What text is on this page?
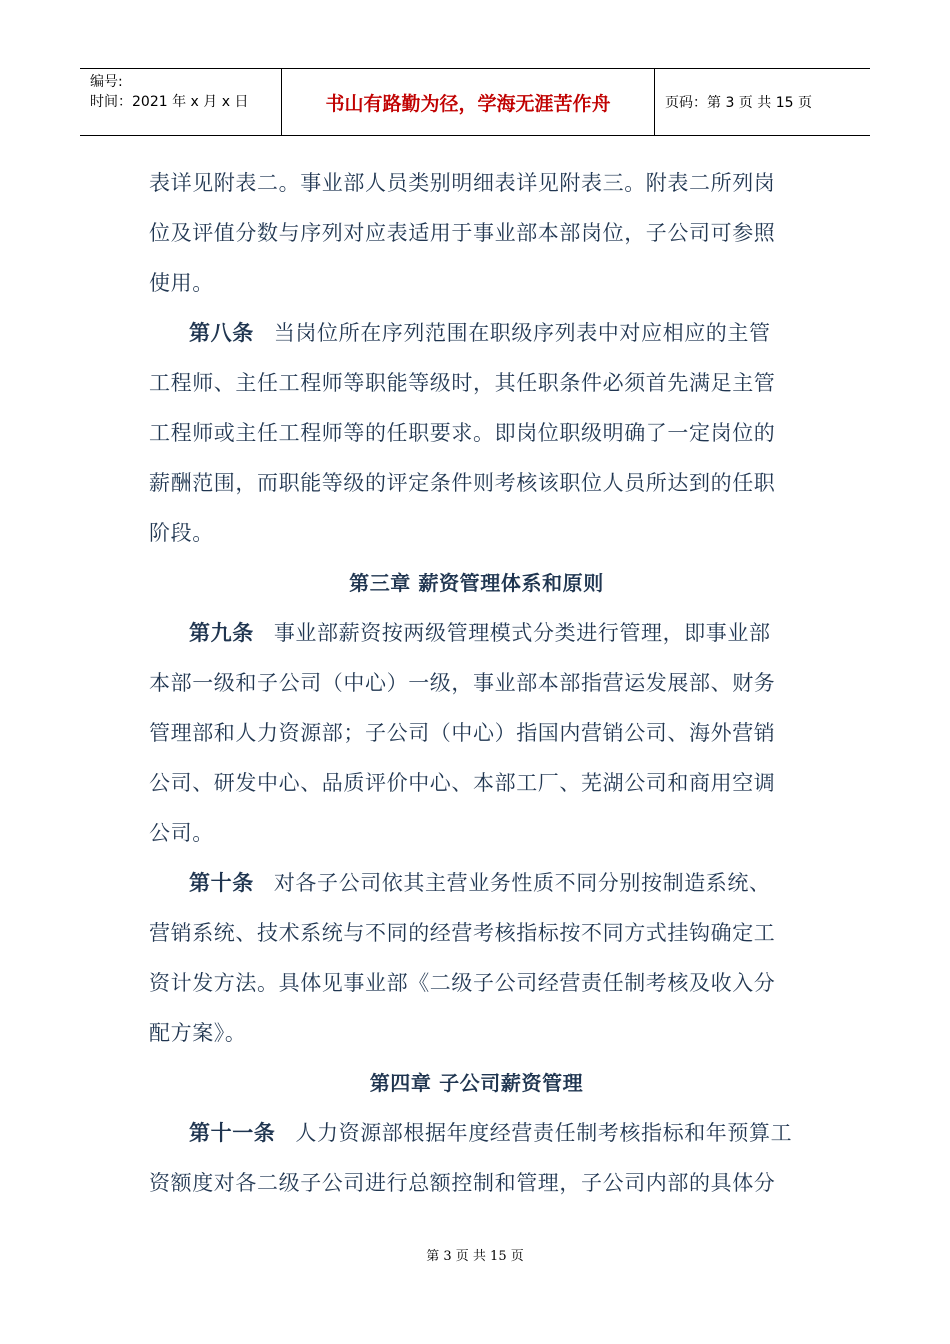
编号:
时间：2021 年 x 月 x 日	书山有路勤为径，学海无涯苦作舟	页码：第 3 页 共 15 页
表详见附表二。事业部人员类别明细表详见附表三。附表二所列岗
位及评值分数与序列对应表适用于事业部本部岗位，子公司可参照
使用。
第八条 当岗位所在序列范围在职级序列表中对应相应的主管
工程师、主任工程师等职能等级时，其任职条件必须首先满足主管
工程师或主任工程师等的任职要求。即岗位职级明确了一定岗位的
薪酬范围，而职能等级的评定条件则考核该职位人员所达到的任职
阶段。
第三章 薪资管理体系和原则
第九条 事业部薪资按两级管理模式分类进行管理，即事业部
本部一级和子公司（中心）一级，事业部本部指营运发展部、财务
管理部和人力资源部；子公司（中心）指国内营销公司、海外营销
公司、研发中心、品质评价中心、本部工厂、芜湖公司和商用空调
公司。
第十条 对各子公司依其主营业务性质不同分别按制造系统、
营销系统、技术系统与不同的经营考核指标按不同方式挂钩确定工
资计发方法。具体见事业部《二级子公司经营责任制考核及收入分
配方案》。
第四章 子公司薪资管理
第十一条 人力资源部根据年度经营责任制考核指标和年预算工
资额度对各二级子公司进行总额控制和管理，子公司内部的具体分
第 3 页 共 15 页
